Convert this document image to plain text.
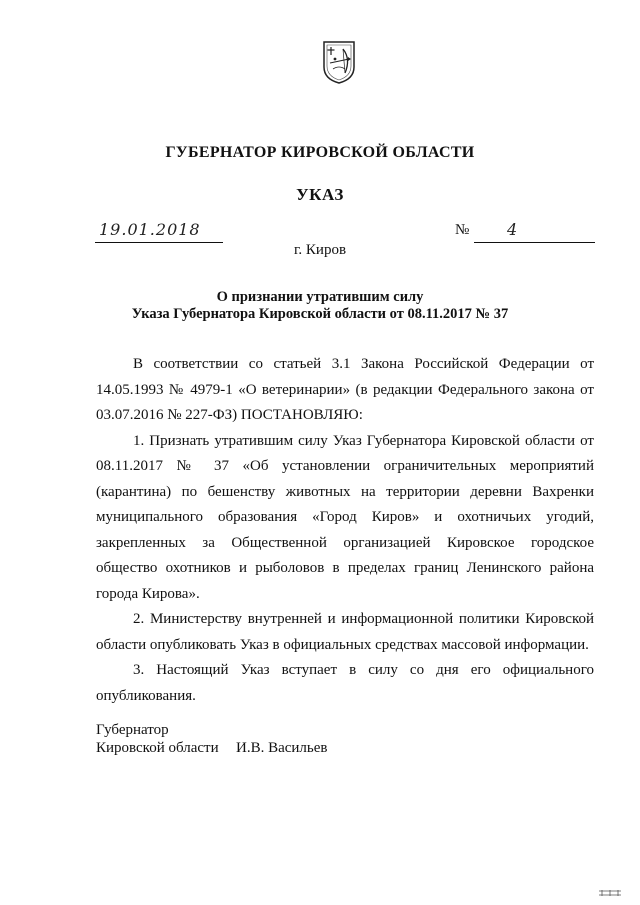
ГУБЕРНАТОР КИРОВСКОЙ ОБЛАСТИ
УКАЗ
19.01.2018	№ 4
г. Киров
О признании утратившим силу
Указа Губернатора Кировской области от 08.11.2017 № 37

В соответствии со статьей 3.1 Закона Российской Федерации от 14.05.1993 № 4979-1 «О ветеринарии» (в редакции Федерального закона от 03.07.2016 № 227-ФЗ) ПОСТАНОВЛЯЮ:

1. Признать утратившим силу Указ Губернатора Кировской области от 08.11.2017 № 37 «Об установлении ограничительных мероприятий (карантина) по бешенству животных на территории деревни Вахренки муниципального образования «Город Киров» и охотничьих угодий, закрепленных за Общественной организацией Кировское городское общество охотников и рыболовов в пределах границ Ленинского района города Кирова».

2. Министерству внутренней и информационной политики Кировской области опубликовать Указ в официальных средствах массовой информации.

3. Настоящий Указ вступает в силу со дня его официального опубликования.

Губернатор
Кировской области И.В. Васильев
